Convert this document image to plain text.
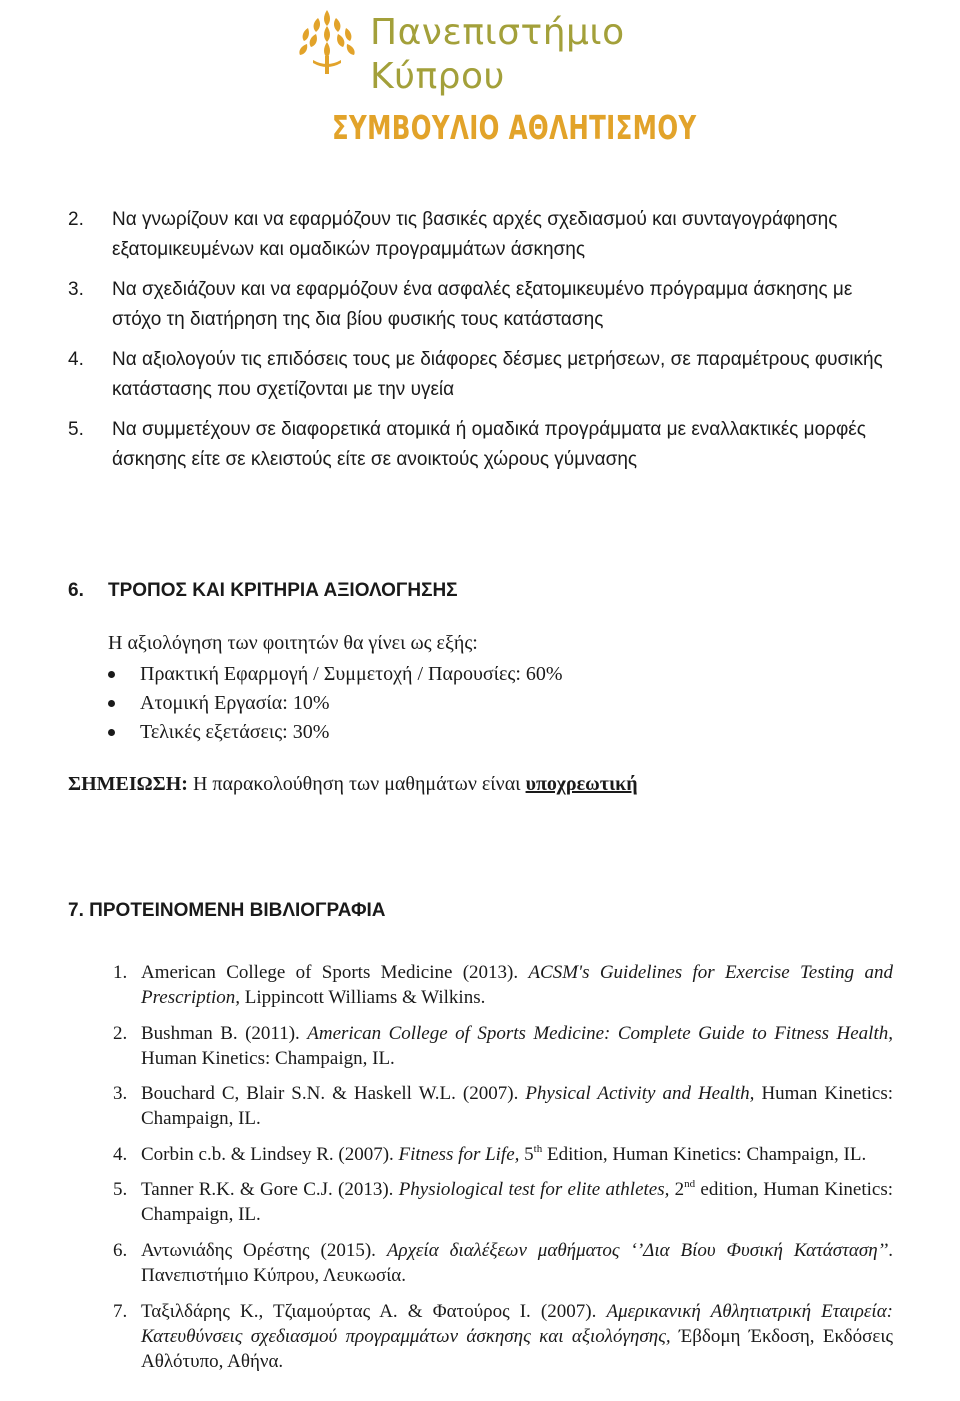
Πανεπιστήμιο
Κύπρου
ΣΥΜΒΟΥΛΙΟ ΑΘΛΗΤΙΣΜΟΥ
2. Να γνωρίζουν και να εφαρμόζουν τις βασικές αρχές σχεδιασμού και συνταγογράφησης εξατομικευμένων και ομαδικών προγραμμάτων άσκησης
3. Να σχεδιάζουν και να εφαρμόζουν ένα ασφαλές εξατομικευμένο πρόγραμμα άσκησης με στόχο τη διατήρηση της δια βίου φυσικής τους κατάστασης
4. Να αξιολογούν τις επιδόσεις τους με διάφορες δέσμες μετρήσεων, σε παραμέτρους φυσικής κατάστασης που σχετίζονται με την υγεία
5. Να συμμετέχουν σε διαφορετικά ατομικά ή ομαδικά προγράμματα με εναλλακτικές μορφές άσκησης είτε σε κλειστούς είτε σε ανοικτούς χώρους γύμνασης
6. ΤΡΟΠΟΣ ΚΑΙ ΚΡΙΤΗΡΙΑ ΑΞΙΟΛΟΓΗΣΗΣ
Η αξιολόγηση των φοιτητών θα γίνει ως εξής:
Πρακτική Εφαρμογή / Συμμετοχή / Παρουσίες: 60%
Ατομική Εργασία: 10%
Τελικές εξετάσεις: 30%
ΣΗΜΕΙΩΣΗ: Η παρακολούθηση των μαθημάτων είναι υποχρεωτική
7. ΠΡΟΤΕΙΝΟΜΕΝΗ ΒΙΒΛΙΟΓΡΑΦΙΑ
1. American College of Sports Medicine (2013). ACSM's Guidelines for Exercise Testing and Prescription, Lippincott Williams & Wilkins.
2. Bushman B. (2011). American College of Sports Medicine: Complete Guide to Fitness Health, Human Kinetics: Champaign, IL.
3. Bouchard C, Blair S.N. & Haskell W.L. (2007). Physical Activity and Health, Human Kinetics: Champaign, IL.
4. Corbin c.b. & Lindsey R. (2007). Fitness for Life, 5th Edition, Human Kinetics: Champaign, IL.
5. Tanner R.K. & Gore C.J. (2013). Physiological test for elite athletes, 2nd edition, Human Kinetics: Champaign, IL.
6. Αντωνιάδης Ορέστης (2015). Αρχεία διαλέξεων μαθήματος ‘’Δια Βίου Φυσική Κατάσταση’’. Πανεπιστήμιο Κύπρου, Λευκωσία.
7. Ταξιλδάρης Κ., Τζιαμούρτας Α. & Φατούρος Ι. (2007). Αμερικανική Αθλητιατρική Εταιρεία: Κατευθύνσεις σχεδιασμού προγραμμάτων άσκησης και αξιολόγησης, Έβδομη Έκδοση, Εκδόσεις Αθλότυπο, Αθήνα.
